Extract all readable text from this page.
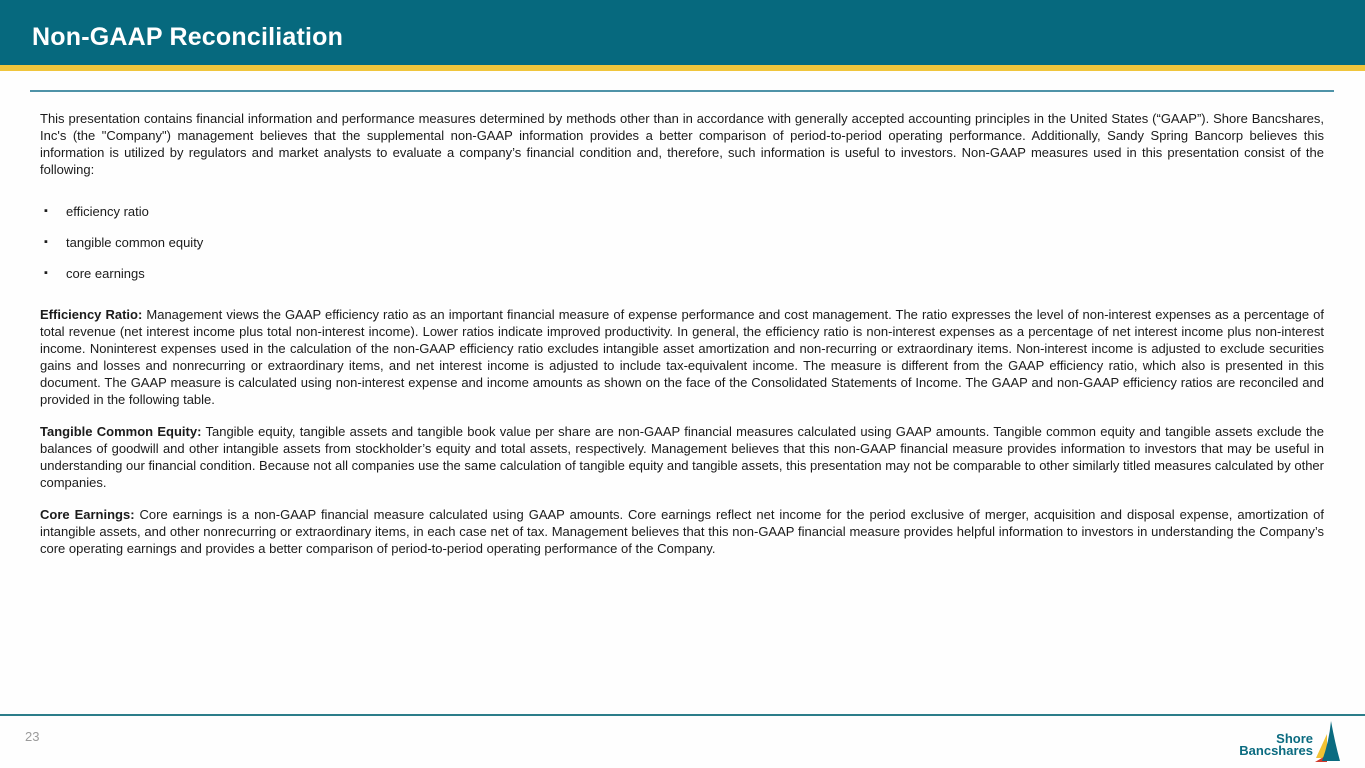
Non-GAAP Reconciliation

This presentation contains financial information and performance measures determined by methods other than in accordance with generally accepted accounting principles in the United States (“GAAP”). Shore Bancshares, Inc's (the "Company") management believes that the supplemental non-GAAP information provides a better comparison of period-to-period operating performance. Additionally, Sandy Spring Bancorp believes this information is utilized by regulators and market analysts to evaluate a company’s financial condition and, therefore, such information is useful to investors. Non-GAAP measures used in this presentation consist of the following:

▪
efficiency ratio
▪
tangible common equity
▪
core earnings

Efficiency Ratio: Management views the GAAP efficiency ratio as an important financial measure of expense performance and cost management. The ratio expresses the level of non-interest expenses as a percentage of total revenue (net interest income plus total non-interest income). Lower ratios indicate improved productivity. In general, the efficiency ratio is non-interest expenses as a percentage of net interest income plus non-interest income. Noninterest expenses used in the calculation of the non-GAAP efficiency ratio excludes intangible asset amortization and non-recurring or extraordinary items. Non-interest income is adjusted to exclude securities gains and losses and nonrecurring or extraordinary items, and net interest income is adjusted to include tax-equivalent income. The measure is different from the GAAP efficiency ratio, which also is presented in this document. The GAAP measure is calculated using non-interest expense and income amounts as shown on the face of the Consolidated Statements of Income. The GAAP and non-GAAP efficiency ratios are reconciled and provided in the following table.

Tangible Common Equity: Tangible equity, tangible assets and tangible book value per share are non-GAAP financial measures calculated using GAAP amounts. Tangible common equity and tangible assets exclude the balances of goodwill and other intangible assets from stockholder’s equity and total assets, respectively. Management believes that this non-GAAP financial measure provides information to investors that may be useful in understanding our financial condition. Because not all companies use the same calculation of tangible equity and tangible assets, this presentation may not be comparable to other similarly titled measures calculated by other companies.

Core Earnings: Core earnings is a non-GAAP financial measure calculated using GAAP amounts. Core earnings reflect net income for the period exclusive of merger, acquisition and disposal expense, amortization of intangible assets, and other nonrecurring or extraordinary items, in each case net of tax. Management believes that this non-GAAP financial measure provides helpful information to investors in understanding the Company’s core operating earnings and provides a better comparison of period-to-period operating performance of the Company.

23	Shore
Bancshares
